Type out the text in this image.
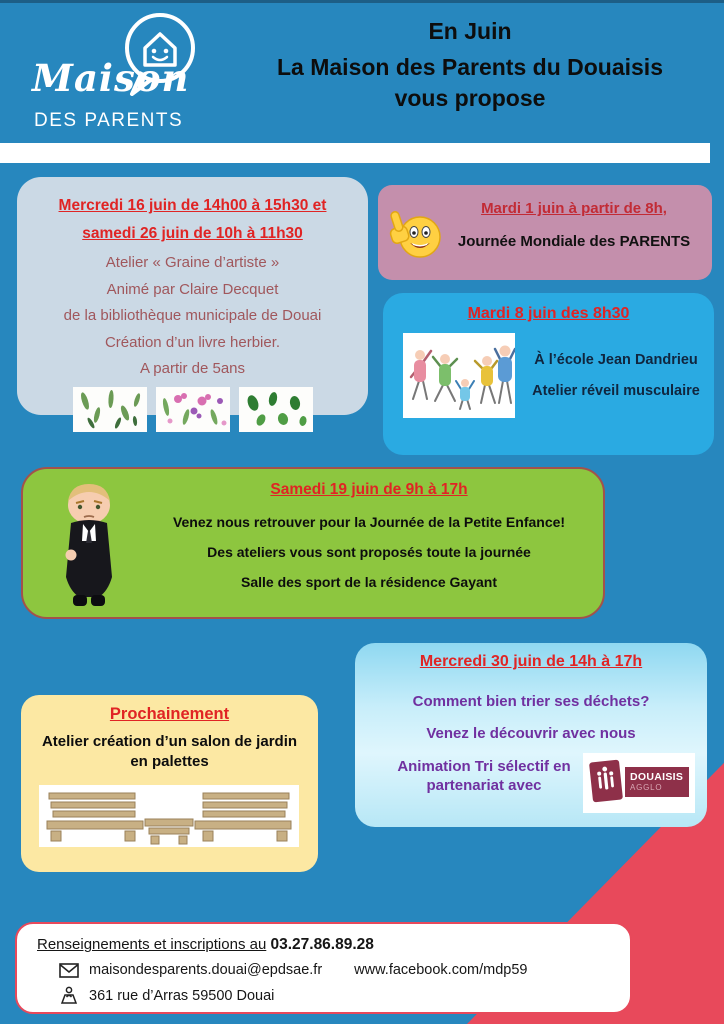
Maison
DES PARENTS
En Juin
La Maison des Parents du Douaisis
vous propose
Mercredi 16 juin de 14h00 à 15h30 et
samedi 26 juin de 10h à 11h30
Atelier « Graine d’artiste »
Animé par Claire Decquet
de la bibliothèque municipale de Douai
Création d’un livre herbier.
A partir de 5ans
Mardi 1 juin à partir de 8h,
Journée Mondiale des PARENTS
Mardi 8 juin des 8h30
À l’école Jean Dandrieu
Atelier réveil musculaire
Samedi 19 juin de 9h à 17h
Venez nous retrouver pour la Journée de la Petite Enfance!
Des ateliers vous sont proposés toute la journée
Salle des sport de la résidence Gayant
Mercredi 30 juin de 14h à 17h
Comment bien trier ses déchets?
Venez le découvrir avec nous
Animation Tri sélectif en partenariat avec	DOUAISIS
AGGLO
Prochainement
Atelier création d’un salon de jardin en palettes
Renseignements et inscriptions au 03.27.86.89.28
maisondesparents.douai@epdsae.fr www.facebook.com/mdp59
361 rue d’Arras 59500 Douai
